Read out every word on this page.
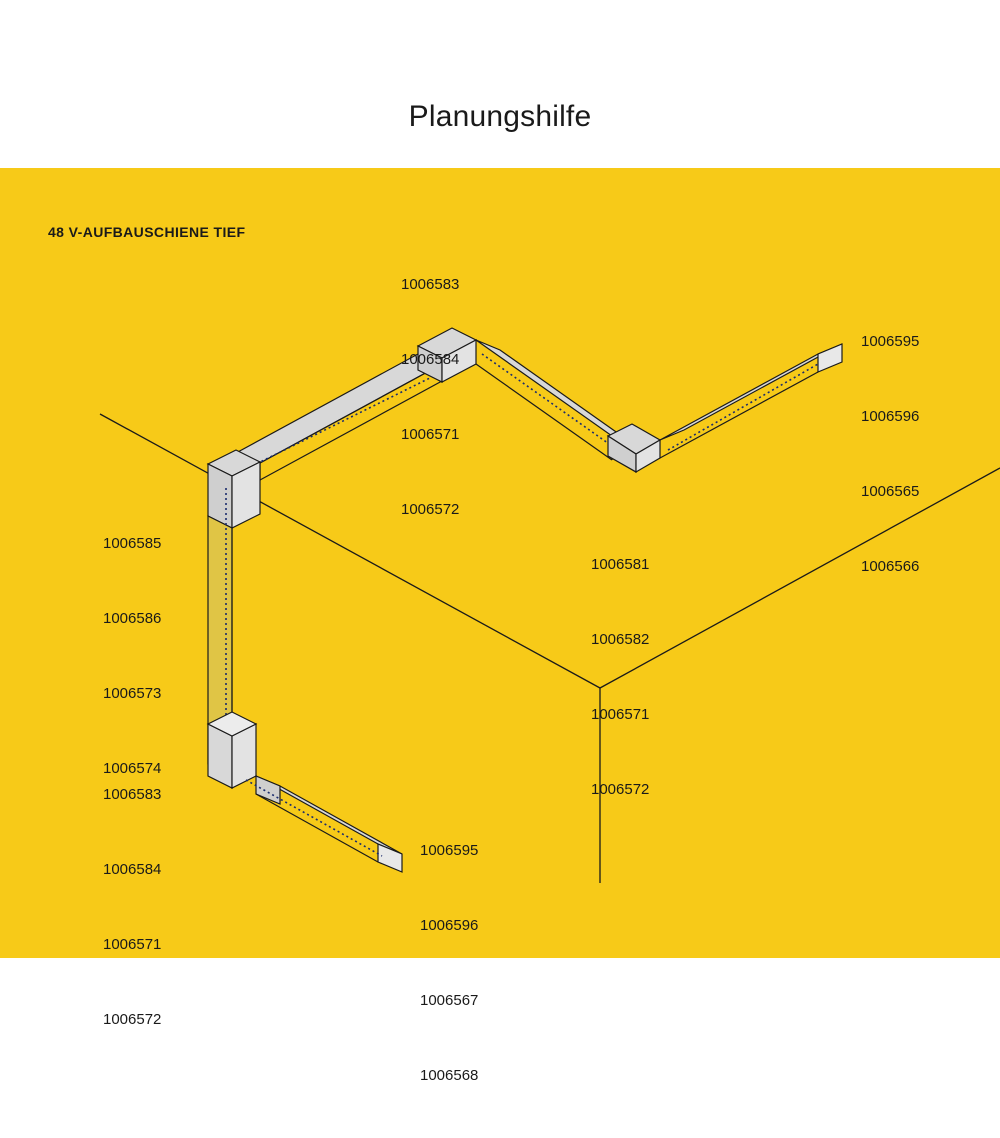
Planungshilfe
48 V-AUFBAUSCHIENE TIEF

1006583

1006584

1006571

1006572

1006595

1006596

1006565

1006566

1006585

1006586

1006573

1006574

1006581

1006582

1006571

1006572

1006583

1006584

1006571

1006572

1006595

1006596

1006567

1006568
